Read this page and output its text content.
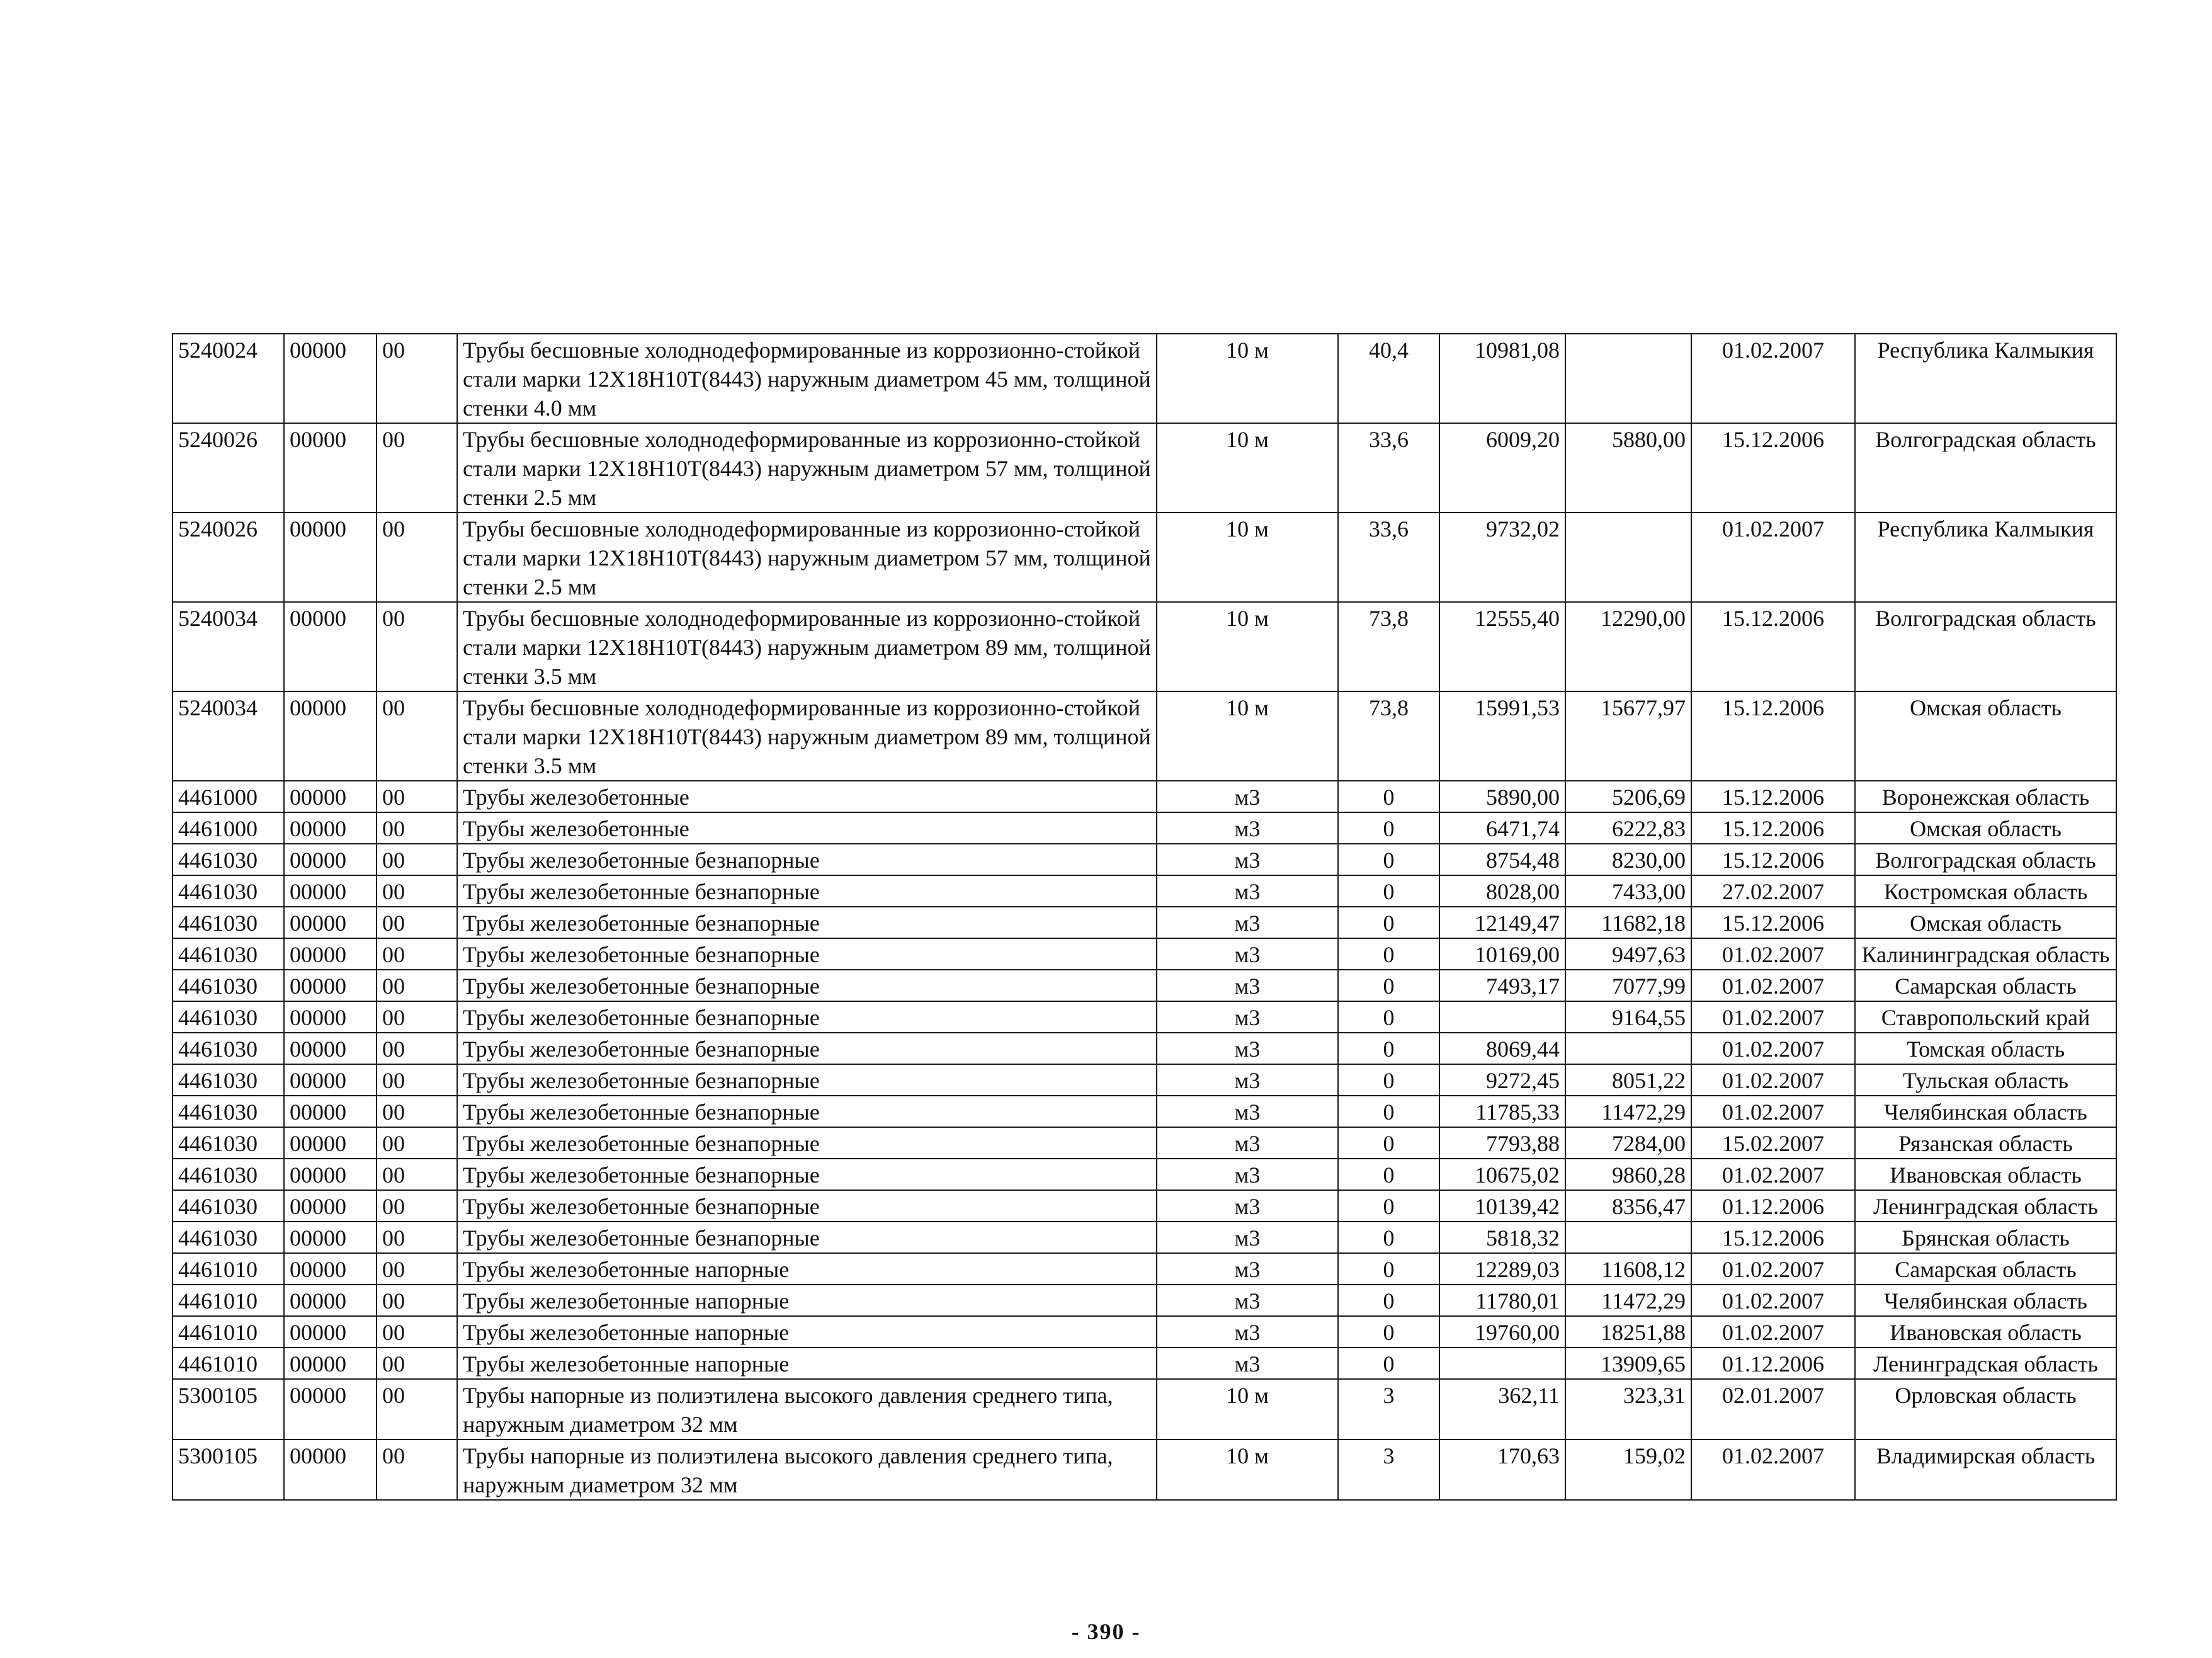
5240024	00000	00	Трубы бесшовные холоднодеформированные из коррозионно-стойкой стали марки 12Х18Н10Т(8443) наружным диаметром 45 мм, толщиной стенки 4.0 мм	10 м	40,4	10981,08		01.02.2007	Республика Калмыкия
5240026	00000	00	Трубы бесшовные холоднодеформированные из коррозионно-стойкой стали марки 12Х18Н10Т(8443) наружным диаметром 57 мм, толщиной стенки 2.5 мм	10 м	33,6	6009,20	5880,00	15.12.2006	Волгоградская область
5240026	00000	00	Трубы бесшовные холоднодеформированные из коррозионно-стойкой стали марки 12Х18Н10Т(8443) наружным диаметром 57 мм, толщиной стенки 2.5 мм	10 м	33,6	9732,02		01.02.2007	Республика Калмыкия
5240034	00000	00	Трубы бесшовные холоднодеформированные из коррозионно-стойкой стали марки 12Х18Н10Т(8443) наружным диаметром 89 мм, толщиной стенки 3.5 мм	10 м	73,8	12555,40	12290,00	15.12.2006	Волгоградская область
5240034	00000	00	Трубы бесшовные холоднодеформированные из коррозионно-стойкой стали марки 12Х18Н10Т(8443) наружным диаметром 89 мм, толщиной стенки 3.5 мм	10 м	73,8	15991,53	15677,97	15.12.2006	Омская область
4461000	00000	00	Трубы железобетонные	м3	0	5890,00	5206,69	15.12.2006	Воронежская область
4461000	00000	00	Трубы железобетонные	м3	0	6471,74	6222,83	15.12.2006	Омская область
4461030	00000	00	Трубы железобетонные безнапорные	м3	0	8754,48	8230,00	15.12.2006	Волгоградская область
4461030	00000	00	Трубы железобетонные безнапорные	м3	0	8028,00	7433,00	27.02.2007	Костромская область
4461030	00000	00	Трубы железобетонные безнапорные	м3	0	12149,47	11682,18	15.12.2006	Омская область
4461030	00000	00	Трубы железобетонные безнапорные	м3	0	10169,00	9497,63	01.02.2007	Калининградская область
4461030	00000	00	Трубы железобетонные безнапорные	м3	0	7493,17	7077,99	01.02.2007	Самарская область
4461030	00000	00	Трубы железобетонные безнапорные	м3	0		9164,55	01.02.2007	Ставропольский край
4461030	00000	00	Трубы железобетонные безнапорные	м3	0	8069,44		01.02.2007	Томская область
4461030	00000	00	Трубы железобетонные безнапорные	м3	0	9272,45	8051,22	01.02.2007	Тульская область
4461030	00000	00	Трубы железобетонные безнапорные	м3	0	11785,33	11472,29	01.02.2007	Челябинская область
4461030	00000	00	Трубы железобетонные безнапорные	м3	0	7793,88	7284,00	15.02.2007	Рязанская область
4461030	00000	00	Трубы железобетонные безнапорные	м3	0	10675,02	9860,28	01.02.2007	Ивановская область
4461030	00000	00	Трубы железобетонные безнапорные	м3	0	10139,42	8356,47	01.12.2006	Ленинградская область
4461030	00000	00	Трубы железобетонные безнапорные	м3	0	5818,32		15.12.2006	Брянская область
4461010	00000	00	Трубы железобетонные напорные	м3	0	12289,03	11608,12	01.02.2007	Самарская область
4461010	00000	00	Трубы железобетонные напорные	м3	0	11780,01	11472,29	01.02.2007	Челябинская область
4461010	00000	00	Трубы железобетонные напорные	м3	0	19760,00	18251,88	01.02.2007	Ивановская область
4461010	00000	00	Трубы железобетонные напорные	м3	0		13909,65	01.12.2006	Ленинградская область
5300105	00000	00	Трубы напорные из полиэтилена высокого давления среднего типа, наружным диаметром 32 мм	10 м	3	362,11	323,31	02.01.2007	Орловская область
5300105	00000	00	Трубы напорные из полиэтилена высокого давления среднего типа, наружным диаметром 32 мм	10 м	3	170,63	159,02	01.02.2007	Владимирская область
- 390 -
